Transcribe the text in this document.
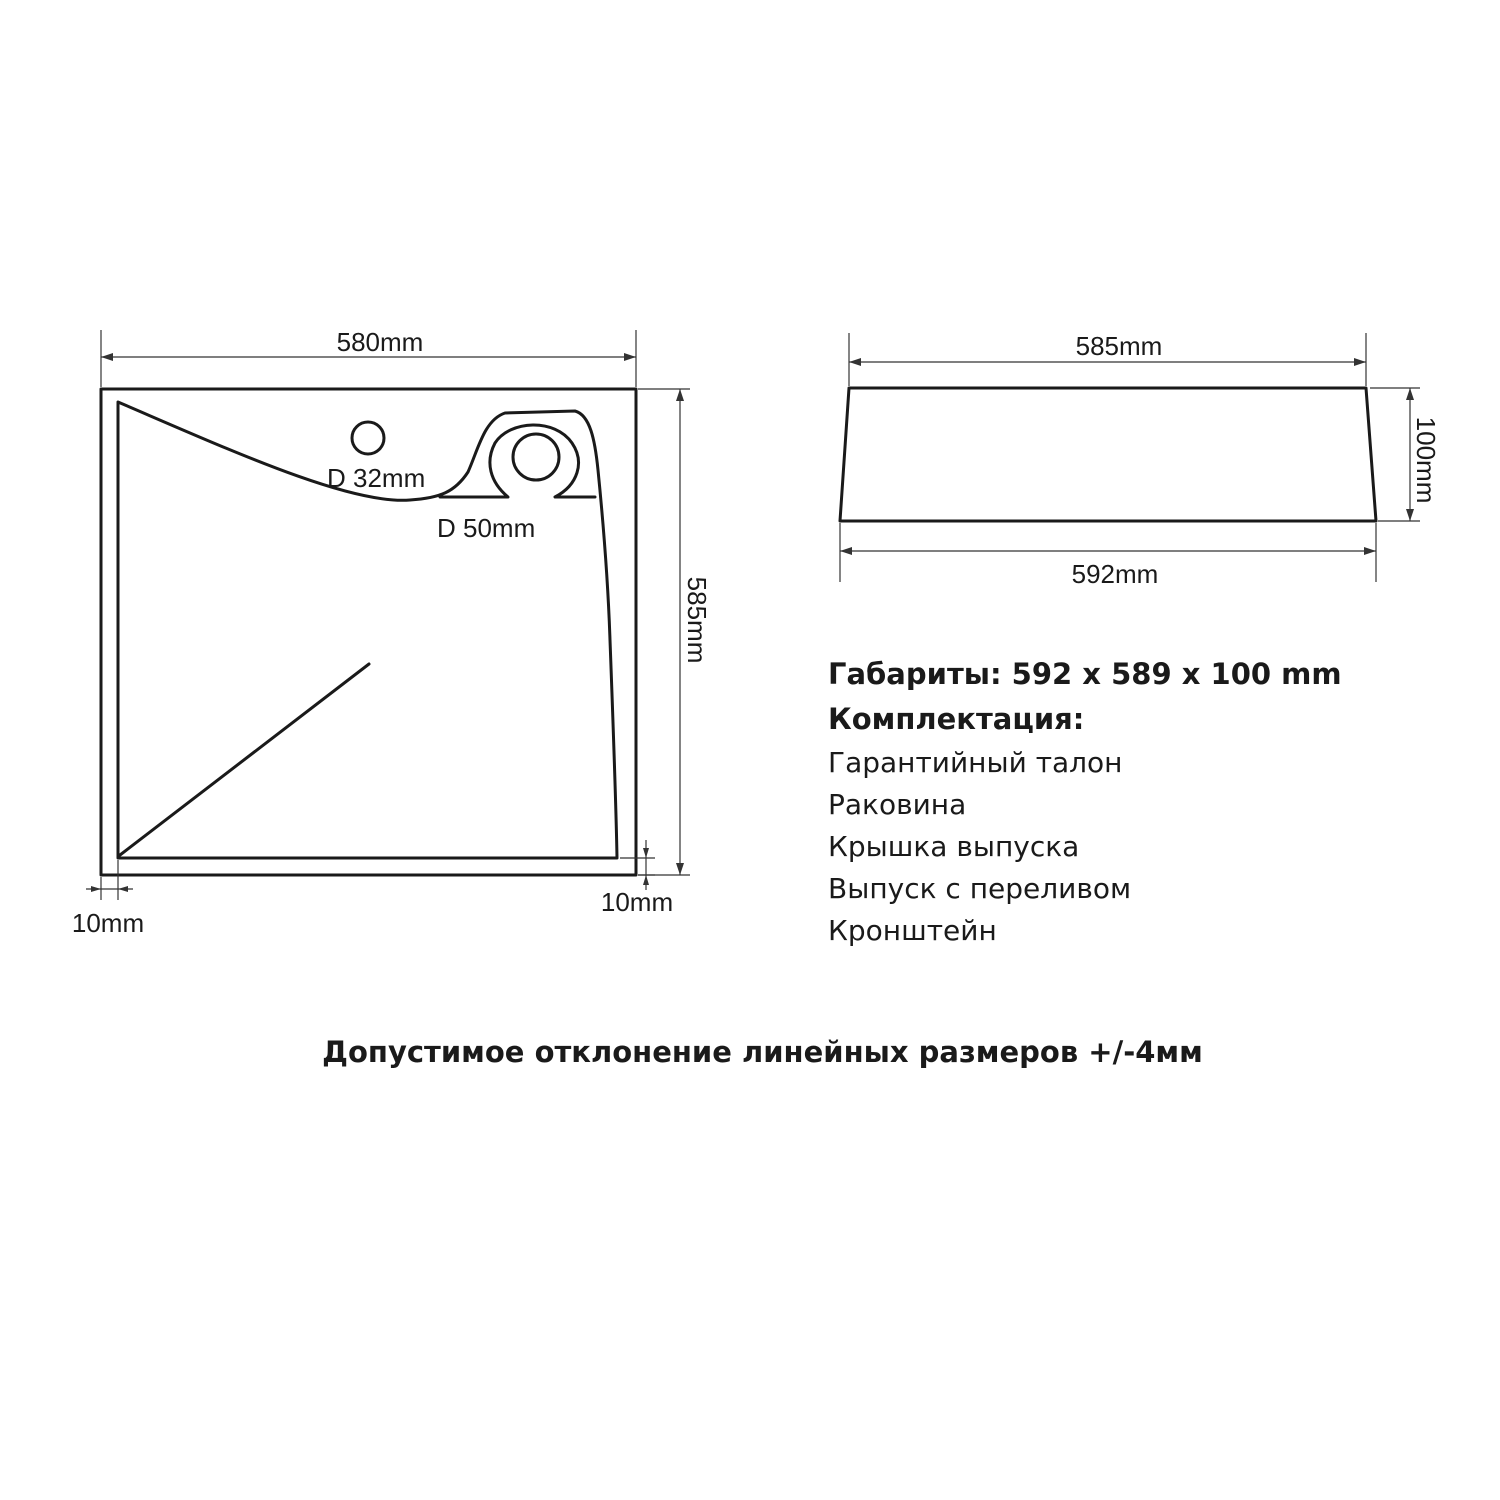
580mm
585mm
D 32mm
D 50mm
10mm
10mm
585mm
592mm
100mm
Габариты: 592 х 589 х 100 mm
Комплектация:
Гарантийный талон
Раковина
Крышка выпуска
Выпуск с переливом
Кронштейн
Допустимое отклонение линейных размеров +/-4мм
